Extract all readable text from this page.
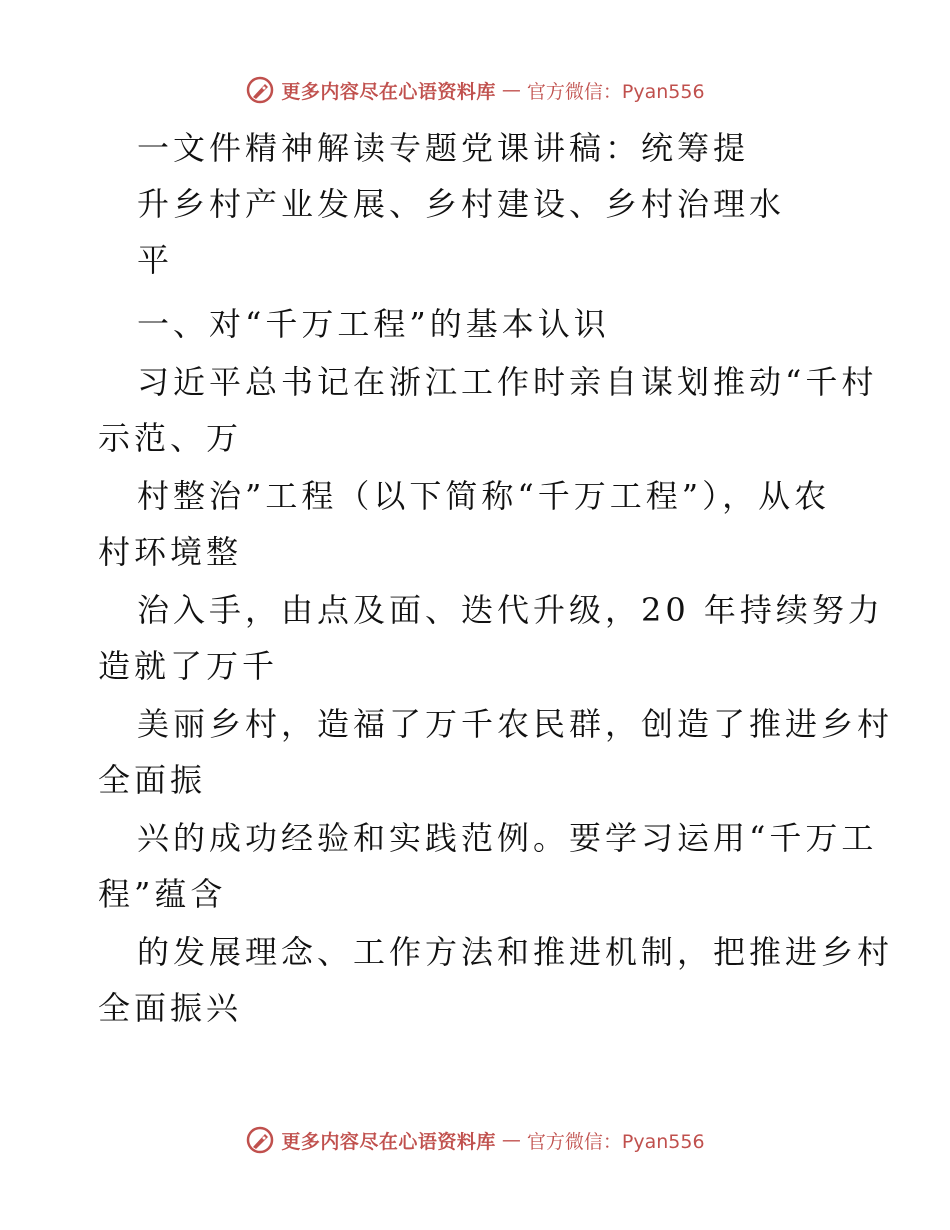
更多内容尽在心语资料库 — 官方微信：Pyan556
一文件精神解读专题党课讲稿：统筹提
升乡村产业发展、乡村建设、乡村治理水
平
一、对“千万工程”的基本认识
习近平总书记在浙江工作时亲自谋划推动“千村
示范、万
村整治”工程（以下简称“千万工程”），从农
村环境整
治入手，由点及面、迭代升级，20 年持续努力
造就了万千
美丽乡村，造福了万千农民群，创造了推进乡村
全面振
兴的成功经验和实践范例。要学习运用“千万工
程”蕴含
的发展理念、工作方法和推进机制，把推进乡村
全面振兴
更多内容尽在心语资料库 — 官方微信：Pyan556
